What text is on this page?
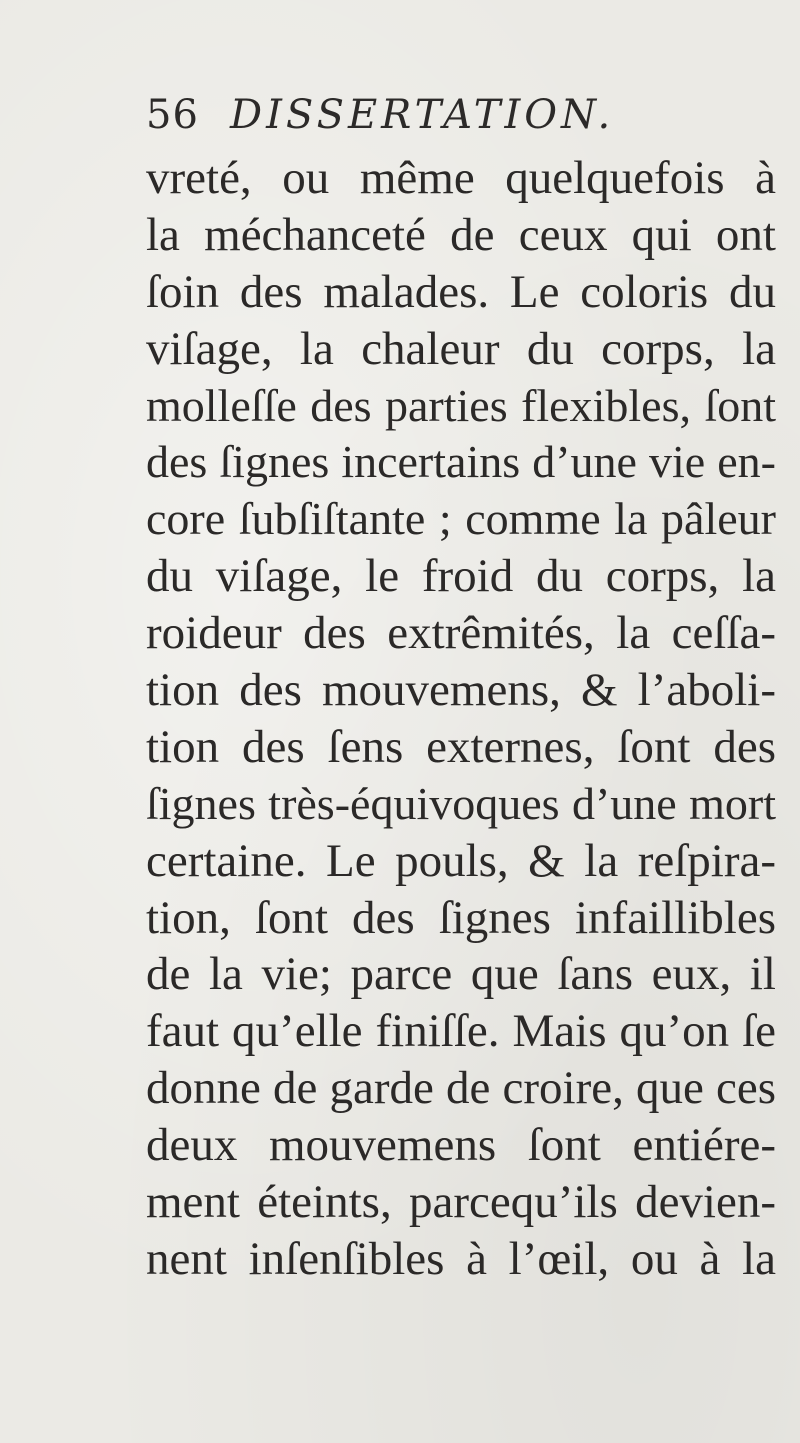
56 DISSERTATION.
vreté, ou même quelquefois à
la méchanceté de ceux qui ont
ſoin des malades. Le coloris du
viſage, la chaleur du corps, la
molleſſe des parties flexibles, ſont
des ſignes incertains d’une vie en-
core ſubſiſtante ; comme la pâleur
du viſage, le froid du corps, la
roideur des extrêmités, la ceſſa-
tion des mouvemens, & l’aboli-
tion des ſens externes, ſont des
ſignes très-équivoques d’une mort
certaine. Le pouls, & la reſpira-
tion, ſont des ſignes infaillibles
de la vie; parce que ſans eux, il
faut qu’elle finiſſe. Mais qu’on ſe
donne de garde de croire, que ces
deux mouvemens ſont entiére-
ment éteints, parcequ’ils devien-
nent inſenſibles à l’œil, ou à la
